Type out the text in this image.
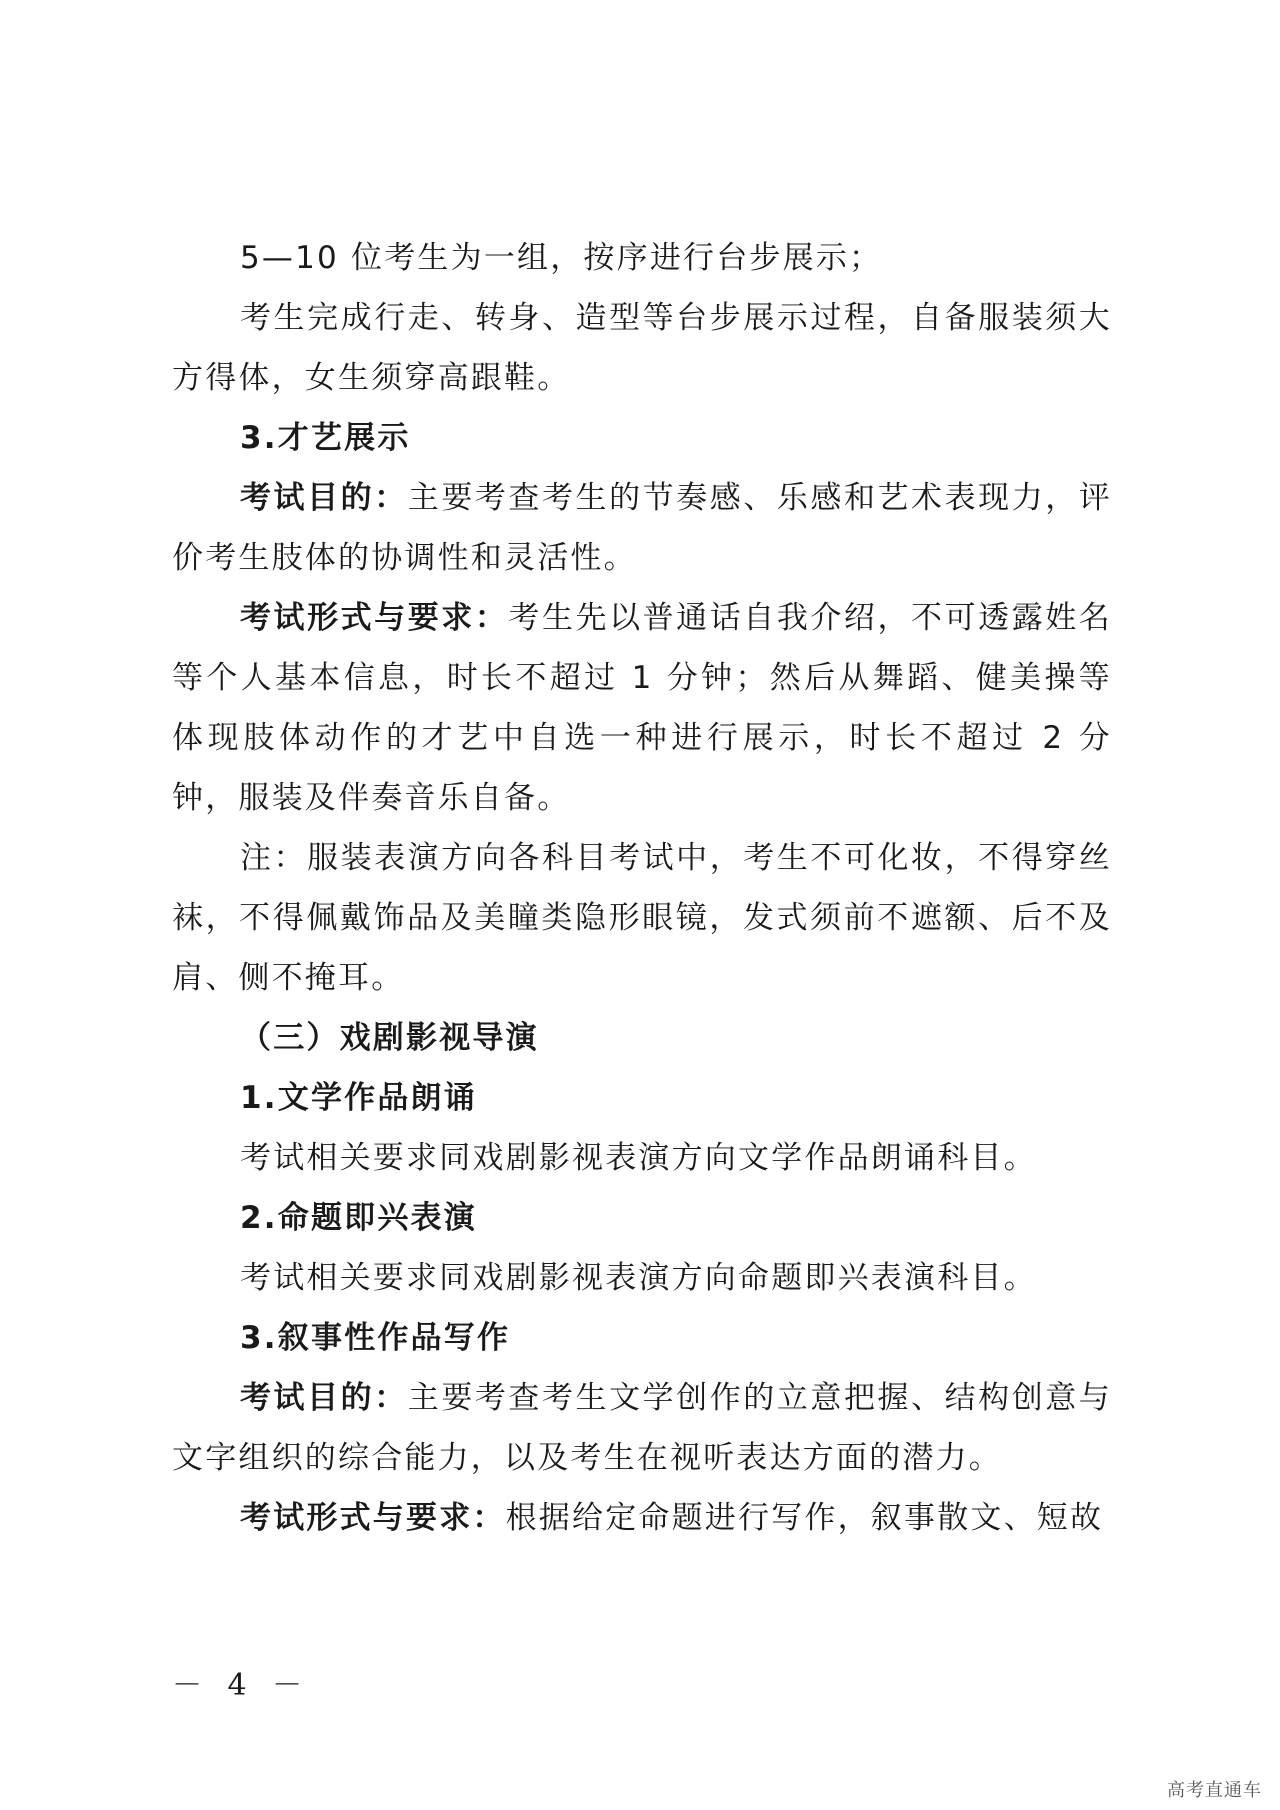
5—10 位考生为一组，按序进行台步展示；

考生完成行走、转身、造型等台步展示过程，自备服装须大方得体，女生须穿高跟鞋。

3.才艺展示

考试目的：主要考查考生的节奏感、乐感和艺术表现力，评价考生肢体的协调性和灵活性。

考试形式与要求：考生先以普通话自我介绍，不可透露姓名等个人基本信息，时长不超过 1 分钟；然后从舞蹈、健美操等体现肢体动作的才艺中自选一种进行展示，时长不超过 2 分钟，服装及伴奏音乐自备。

注：服装表演方向各科目考试中，考生不可化妆，不得穿丝袜，不得佩戴饰品及美瞳类隐形眼镜，发式须前不遮额、后不及肩、侧不掩耳。

（三）戏剧影视导演

1.文学作品朗诵

考试相关要求同戏剧影视表演方向文学作品朗诵科目。

2.命题即兴表演

考试相关要求同戏剧影视表演方向命题即兴表演科目。

3.叙事性作品写作

考试目的：主要考查考生文学创作的立意把握、结构创意与文字组织的综合能力，以及考生在视听表达方面的潜力。

考试形式与要求：根据给定命题进行写作，叙事散文、短故

－ 4 －
高考直通车
